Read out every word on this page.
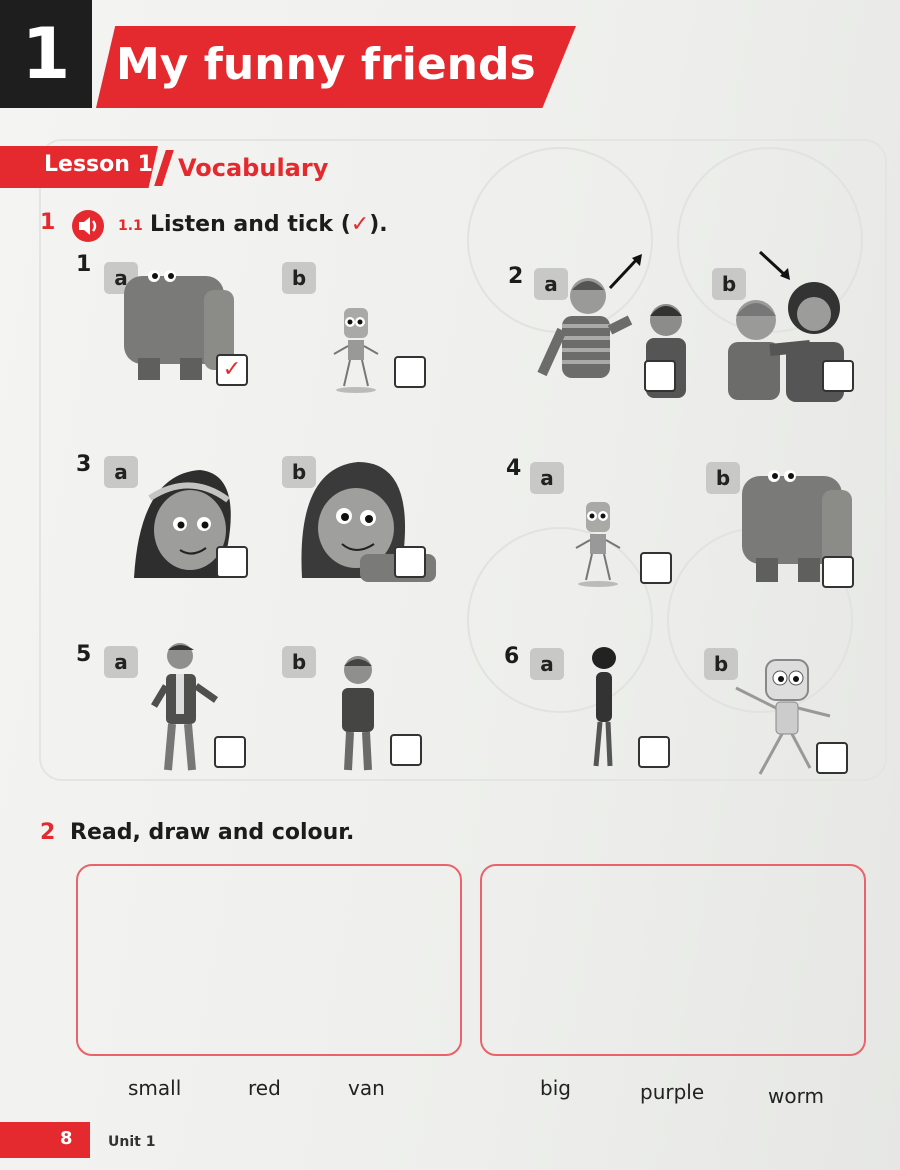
1	My funny friends
Lesson 1 Vocabulary
1	1.1 Listen and tick (✓).
1
a
✓
b	2	a	b
3	a	b	4 a	b
5	a	b	6	a	b
2 Read, draw and colour.
small	red	van	big	purple	worm
8	Unit 1
